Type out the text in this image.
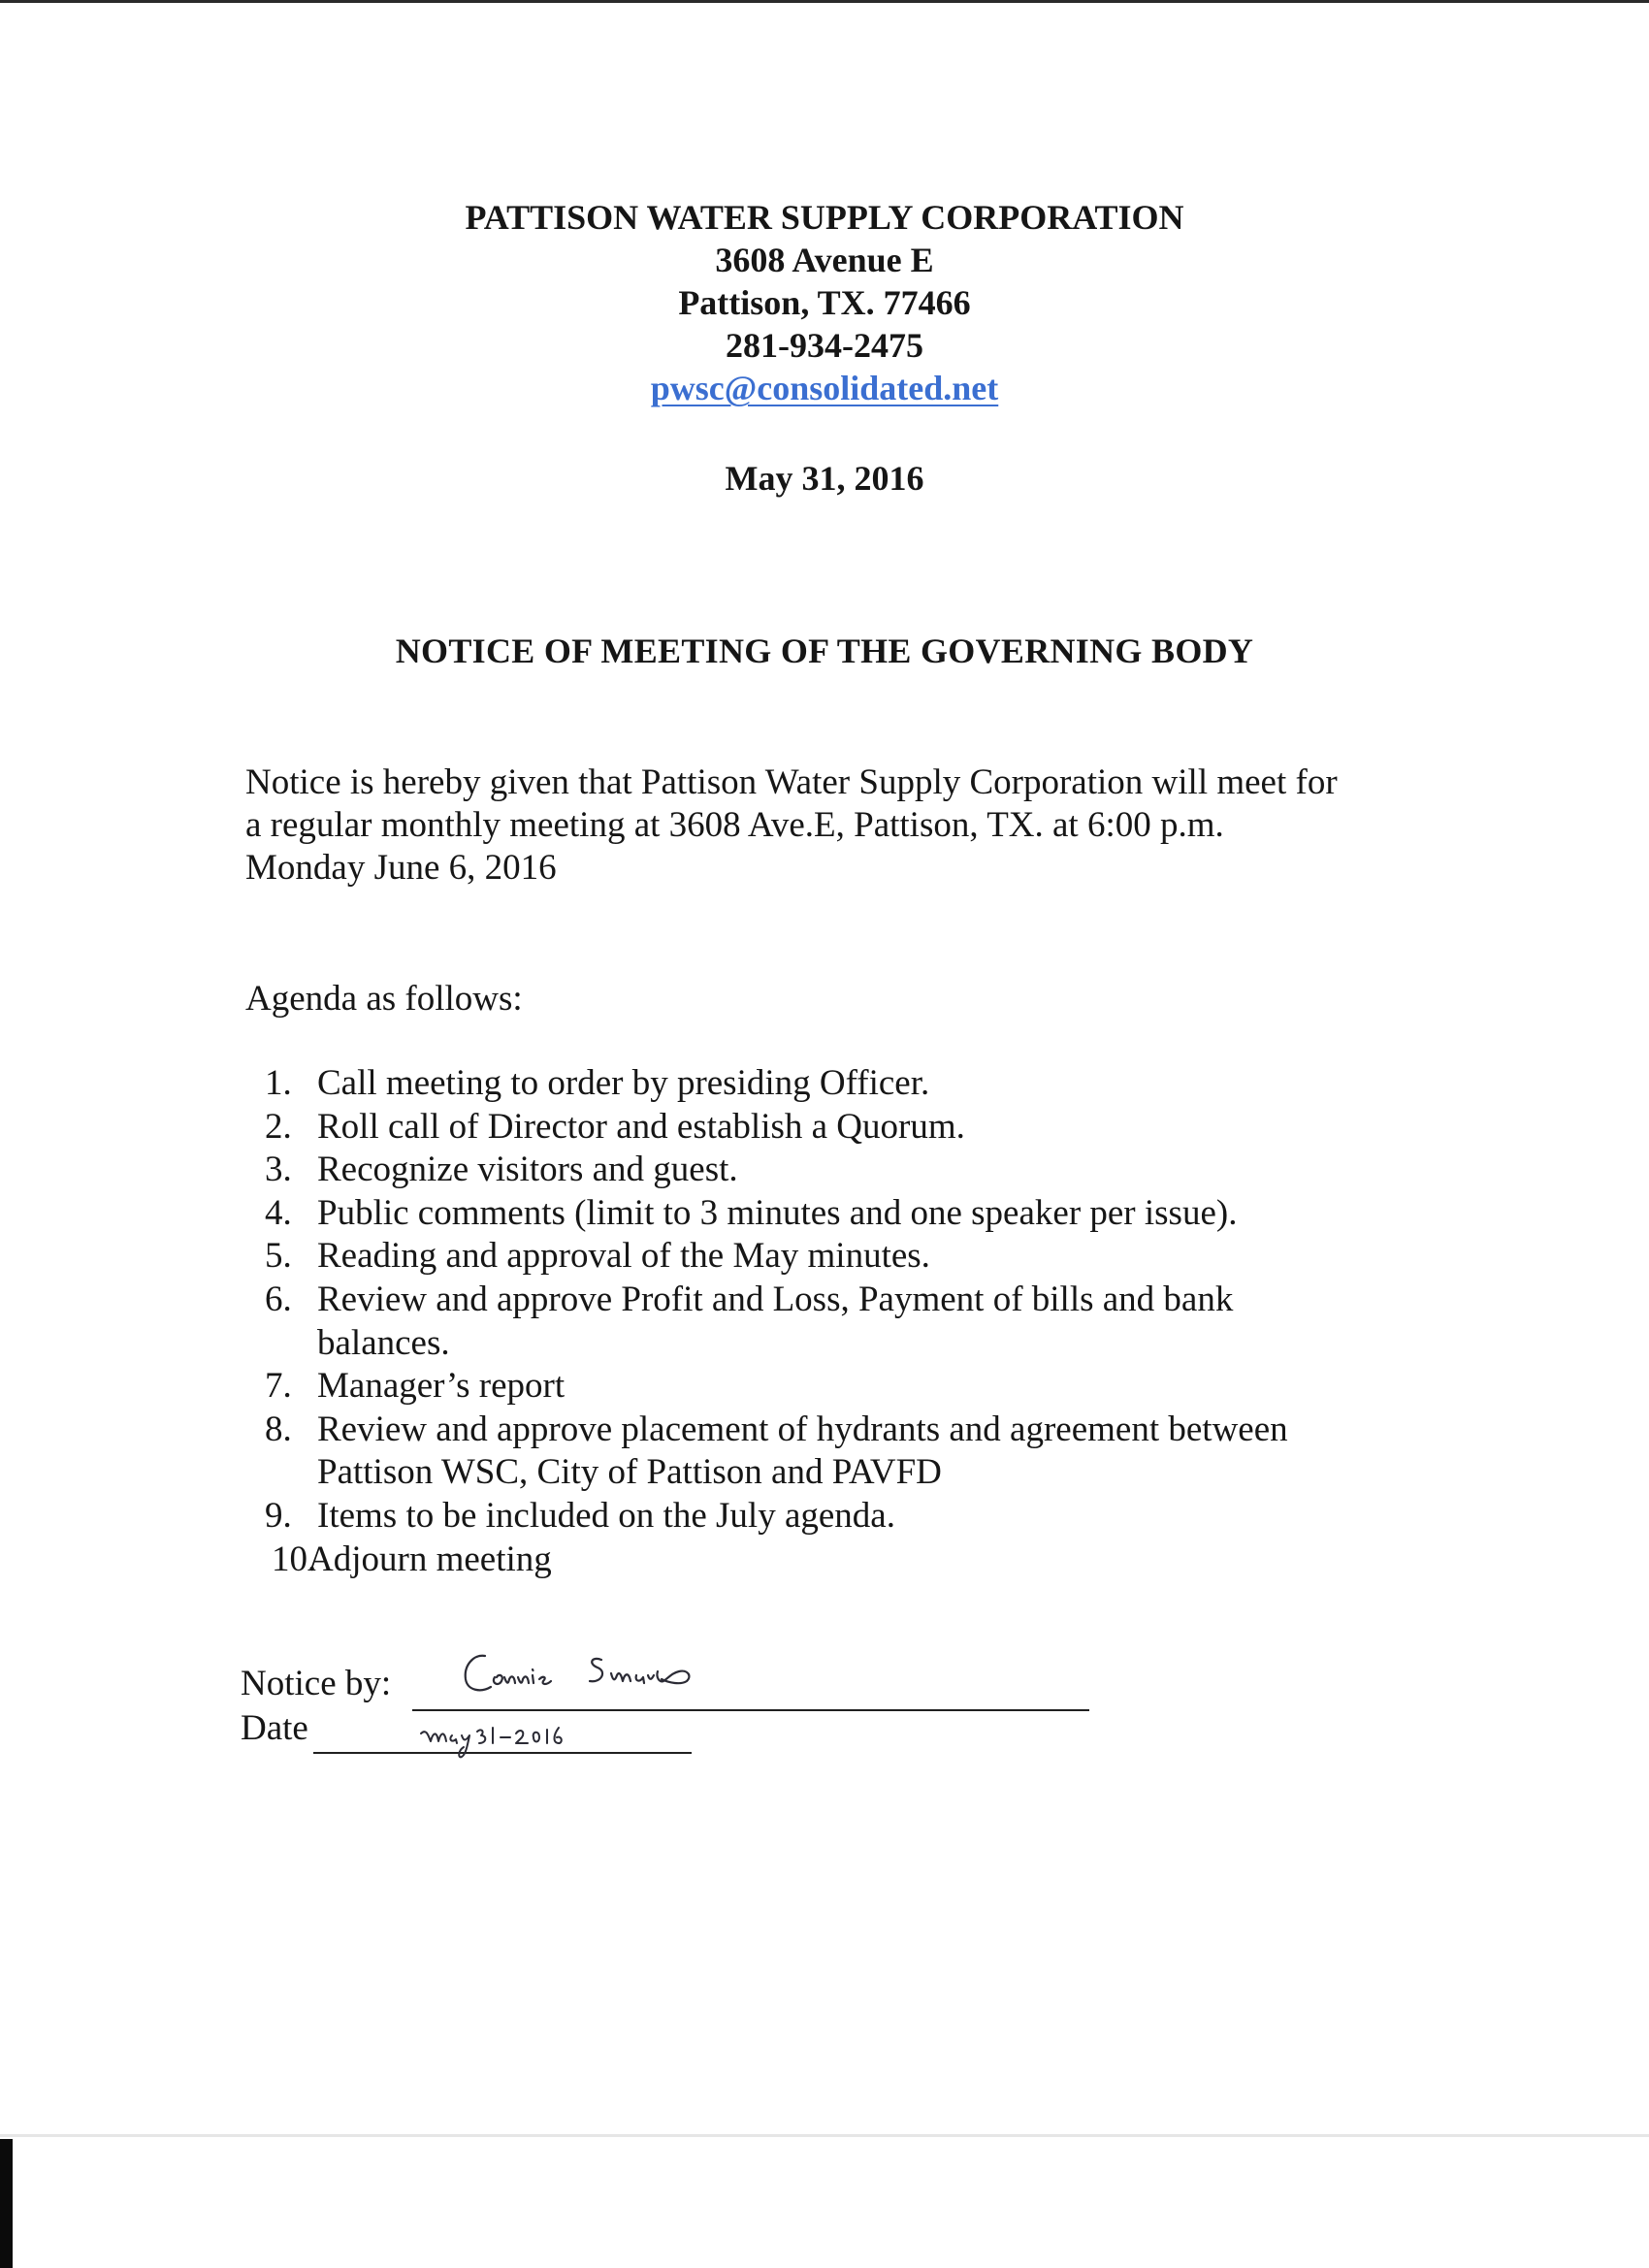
PATTISON WATER SUPPLY CORPORATION
3608 Avenue E
Pattison, TX. 77466
281-934-2475
pwsc@consolidated.net
May 31, 2016
NOTICE OF MEETING OF THE GOVERNING BODY
Notice is hereby given that Pattison Water Supply Corporation will meet for
a regular monthly meeting at 3608 Ave.E, Pattison, TX. at 6:00 p.m.
Monday June 6, 2016
Agenda as follows:
1. Call meeting to order by presiding Officer.
2. Roll call of Director and establish a Quorum.
3. Recognize visitors and guest.
4. Public comments (limit to 3 minutes and one speaker per issue).
5. Reading and approval of the May minutes.
6. Review and approve Profit and Loss, Payment of bills and bank
balances.
7. Manager’s report
8. Review and approve placement of hydrants and agreement between
Pattison WSC, City of Pattison and PAVFD
9. Items to be included on the July agenda.
10.
Adjourn meeting
Notice by:
Date
